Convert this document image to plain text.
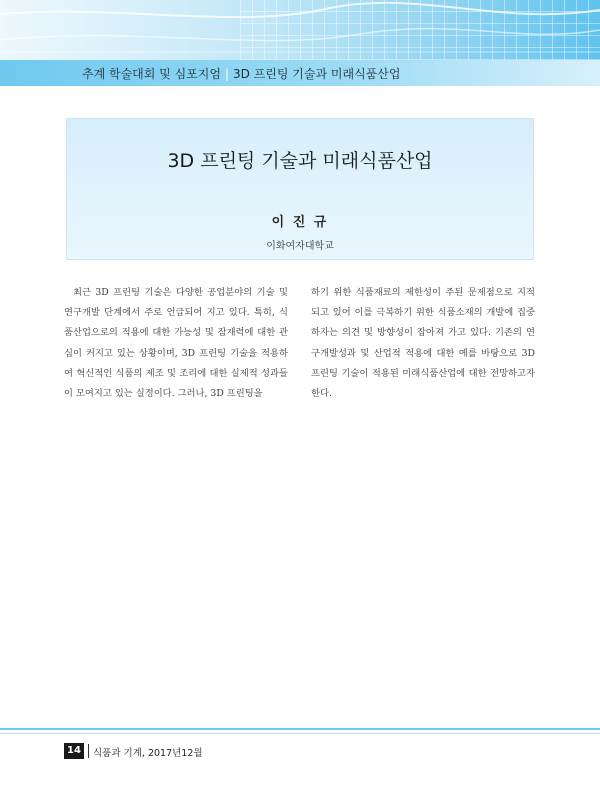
추계 학술대회 및 심포지엄 | 3D 프린팅 기술과 미래식품산업
3D 프린팅 기술과 미래식품산업
이 진 규
이화여자대학교
최근 3D 프린팅 기술은 다양한 공업분야의 기술 및 연구개발 단계에서 주로 언급되어 지고 있다. 특히, 식품산업으로의 적용에 대한 가능성 및 잠재력에 대한 관심이 커지고 있는 상황이며, 3D 프린팅 기술을 적용하여 혁신적인 식품의 제조 및 조리에 대한 실제적 성과들이 모여지고 있는 실정이다. 그러나, 3D 프린팅을
하기 위한 식품재료의 제한성이 주된 문제점으로 지적되고 있어 이를 극복하기 위한 식품소재의 개발에 집중하자는 의견 및 방향성이 잡아져 가고 있다. 기존의 연구개발성과 및 산업적 적용에 대한 예를 바탕으로 3D 프린팅 기술이 적용된 미래식품산업에 대한 전망하고자 한다.
14	식품과 기계, 2017년12월
